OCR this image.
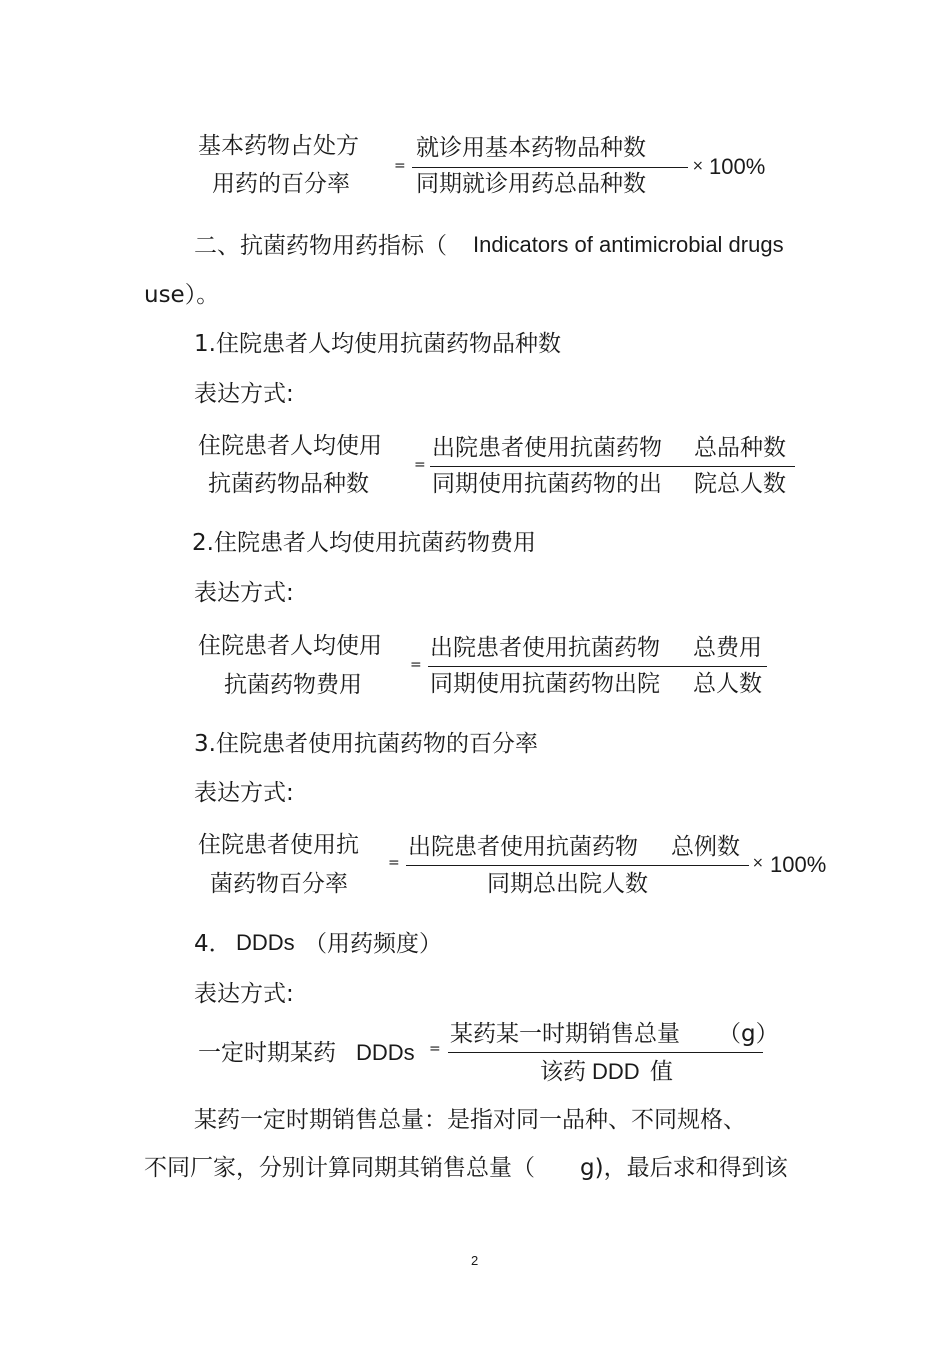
基本药物占处方
用药的百分率
=
就诊用基本药物品种数
同期就诊用药总品种数
× 100%
二、抗菌药物用药指标（ Indicators of antimicrobial drugs
use）。
1.住院患者人均使用抗菌药物品种数
表达方式:
住院患者人均使用
抗菌药物品种数
=
出院患者使用抗菌药物 总品种数
同期使用抗菌药物的出 院总人数
2.住院患者人均使用抗菌药物费用
表达方式:
住院患者人均使用
抗菌药物费用
=
出院患者使用抗菌药物 总费用
同期使用抗菌药物出院 总人数
3.住院患者使用抗菌药物的百分率
表达方式:
住院患者使用抗
菌药物百分率
=
出院患者使用抗菌药物 总例数
同期总出院人数
× 100%
4． DDDs （用药频度）
表达方式:
一定时期某药 DDDs =
某药某一时期销售总量 （g）
该药 DDD 值
某药一定时期销售总量：是指对同一品种、不同规格、
不同厂家，分别计算同期其销售总量（ g)，最后求和得到该
2
